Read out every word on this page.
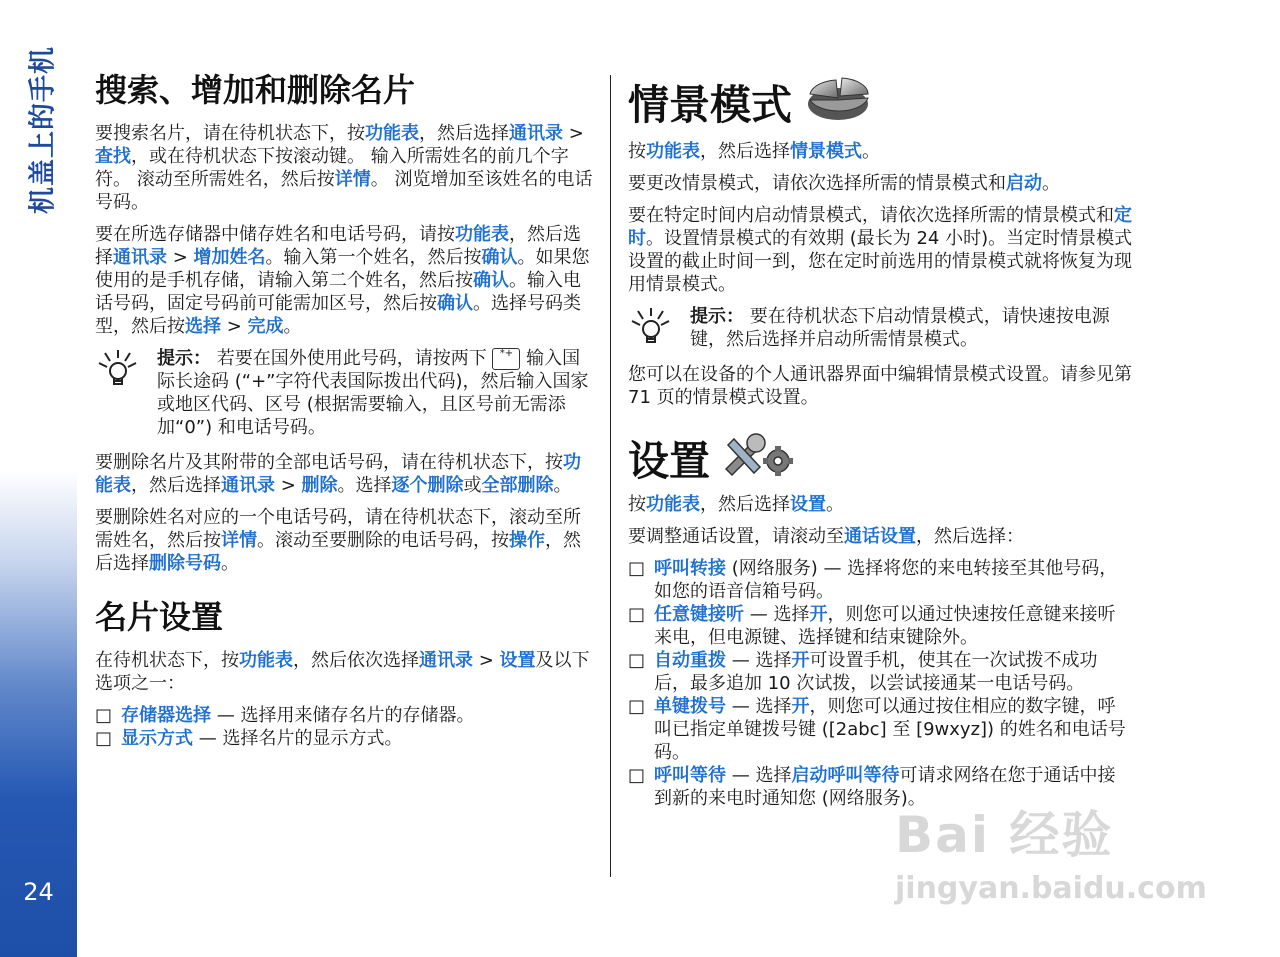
机盖上的手机
24
搜索、增加和删除名片

要搜索名片，请在待机状态下，按功能表，然后选择通讯录 > 查找，或在待机状态下按滚动键。 输入所需姓名的前几个字符。 滚动至所需姓名，然后按详情。 浏览增加至该姓名的电话号码。

要在所选存储器中储存姓名和电话号码，请按功能表，然后选择通讯录 > 增加姓名。输入第一个姓名，然后按确认。如果您使用的是手机存储，请输入第二个姓名，然后按确认。输入电话号码，固定号码前可能需加区号，然后按确认。选择号码类型，然后按选择 > 完成。

提示： 若要在国外使用此号码，请按两下 *+ 输入国际长途码 (“+”字符代表国际拨出代码)，然后输入国家或地区代码、区号 (根据需要输入，且区号前无需添加“0”) 和电话号码。

要删除名片及其附带的全部电话号码，请在待机状态下，按功能表，然后选择通讯录 > 删除。选择逐个删除或全部删除。

要删除姓名对应的一个电话号码，请在待机状态下，滚动至所需姓名，然后按详情。滚动至要删除的电话号码，按操作，然后选择删除号码。

名片设置

在待机状态下，按功能表，然后依次选择通讯录 > 设置及以下选项之一：

□ 存储器选择 — 选择用来储存名片的存储器。
□ 显示方式 — 选择名片的显示方式。
情景模式

按功能表，然后选择情景模式。

要更改情景模式，请依次选择所需的情景模式和启动。

要在特定时间内启动情景模式，请依次选择所需的情景模式和定时。设置情景模式的有效期 (最长为 24 小时)。当定时情景模式设置的截止时间一到，您在定时前选用的情景模式就将恢复为现用情景模式。

提示： 要在待机状态下启动情景模式，请快速按电源键，然后选择并启动所需情景模式。

您可以在设备的个人通讯器界面中编辑情景模式设置。请参见第 71 页的情景模式设置。

设置

按功能表，然后选择设置。

要调整通话设置，请滚动至通话设置，然后选择：

□ 呼叫转接 (网络服务) — 选择将您的来电转接至其他号码，如您的语音信箱号码。
□ 任意键接听 — 选择开，则您可以通过快速按任意键来接听来电，但电源键、选择键和结束键除外。
□ 自动重拨 — 选择开可设置手机，使其在一次试拨不成功后，最多追加 10 次试拨，以尝试接通某一电话号码。
□ 单键拨号 — 选择开，则您可以通过按住相应的数字键，呼叫已指定单键拨号键 ([2abc] 至 [9wxyz]) 的姓名和电话号码。
□ 呼叫等待 — 选择启动呼叫等待可请求网络在您于通话中接到新的来电时通知您 (网络服务)。
Bai 经验
jingyan.baidu.com
